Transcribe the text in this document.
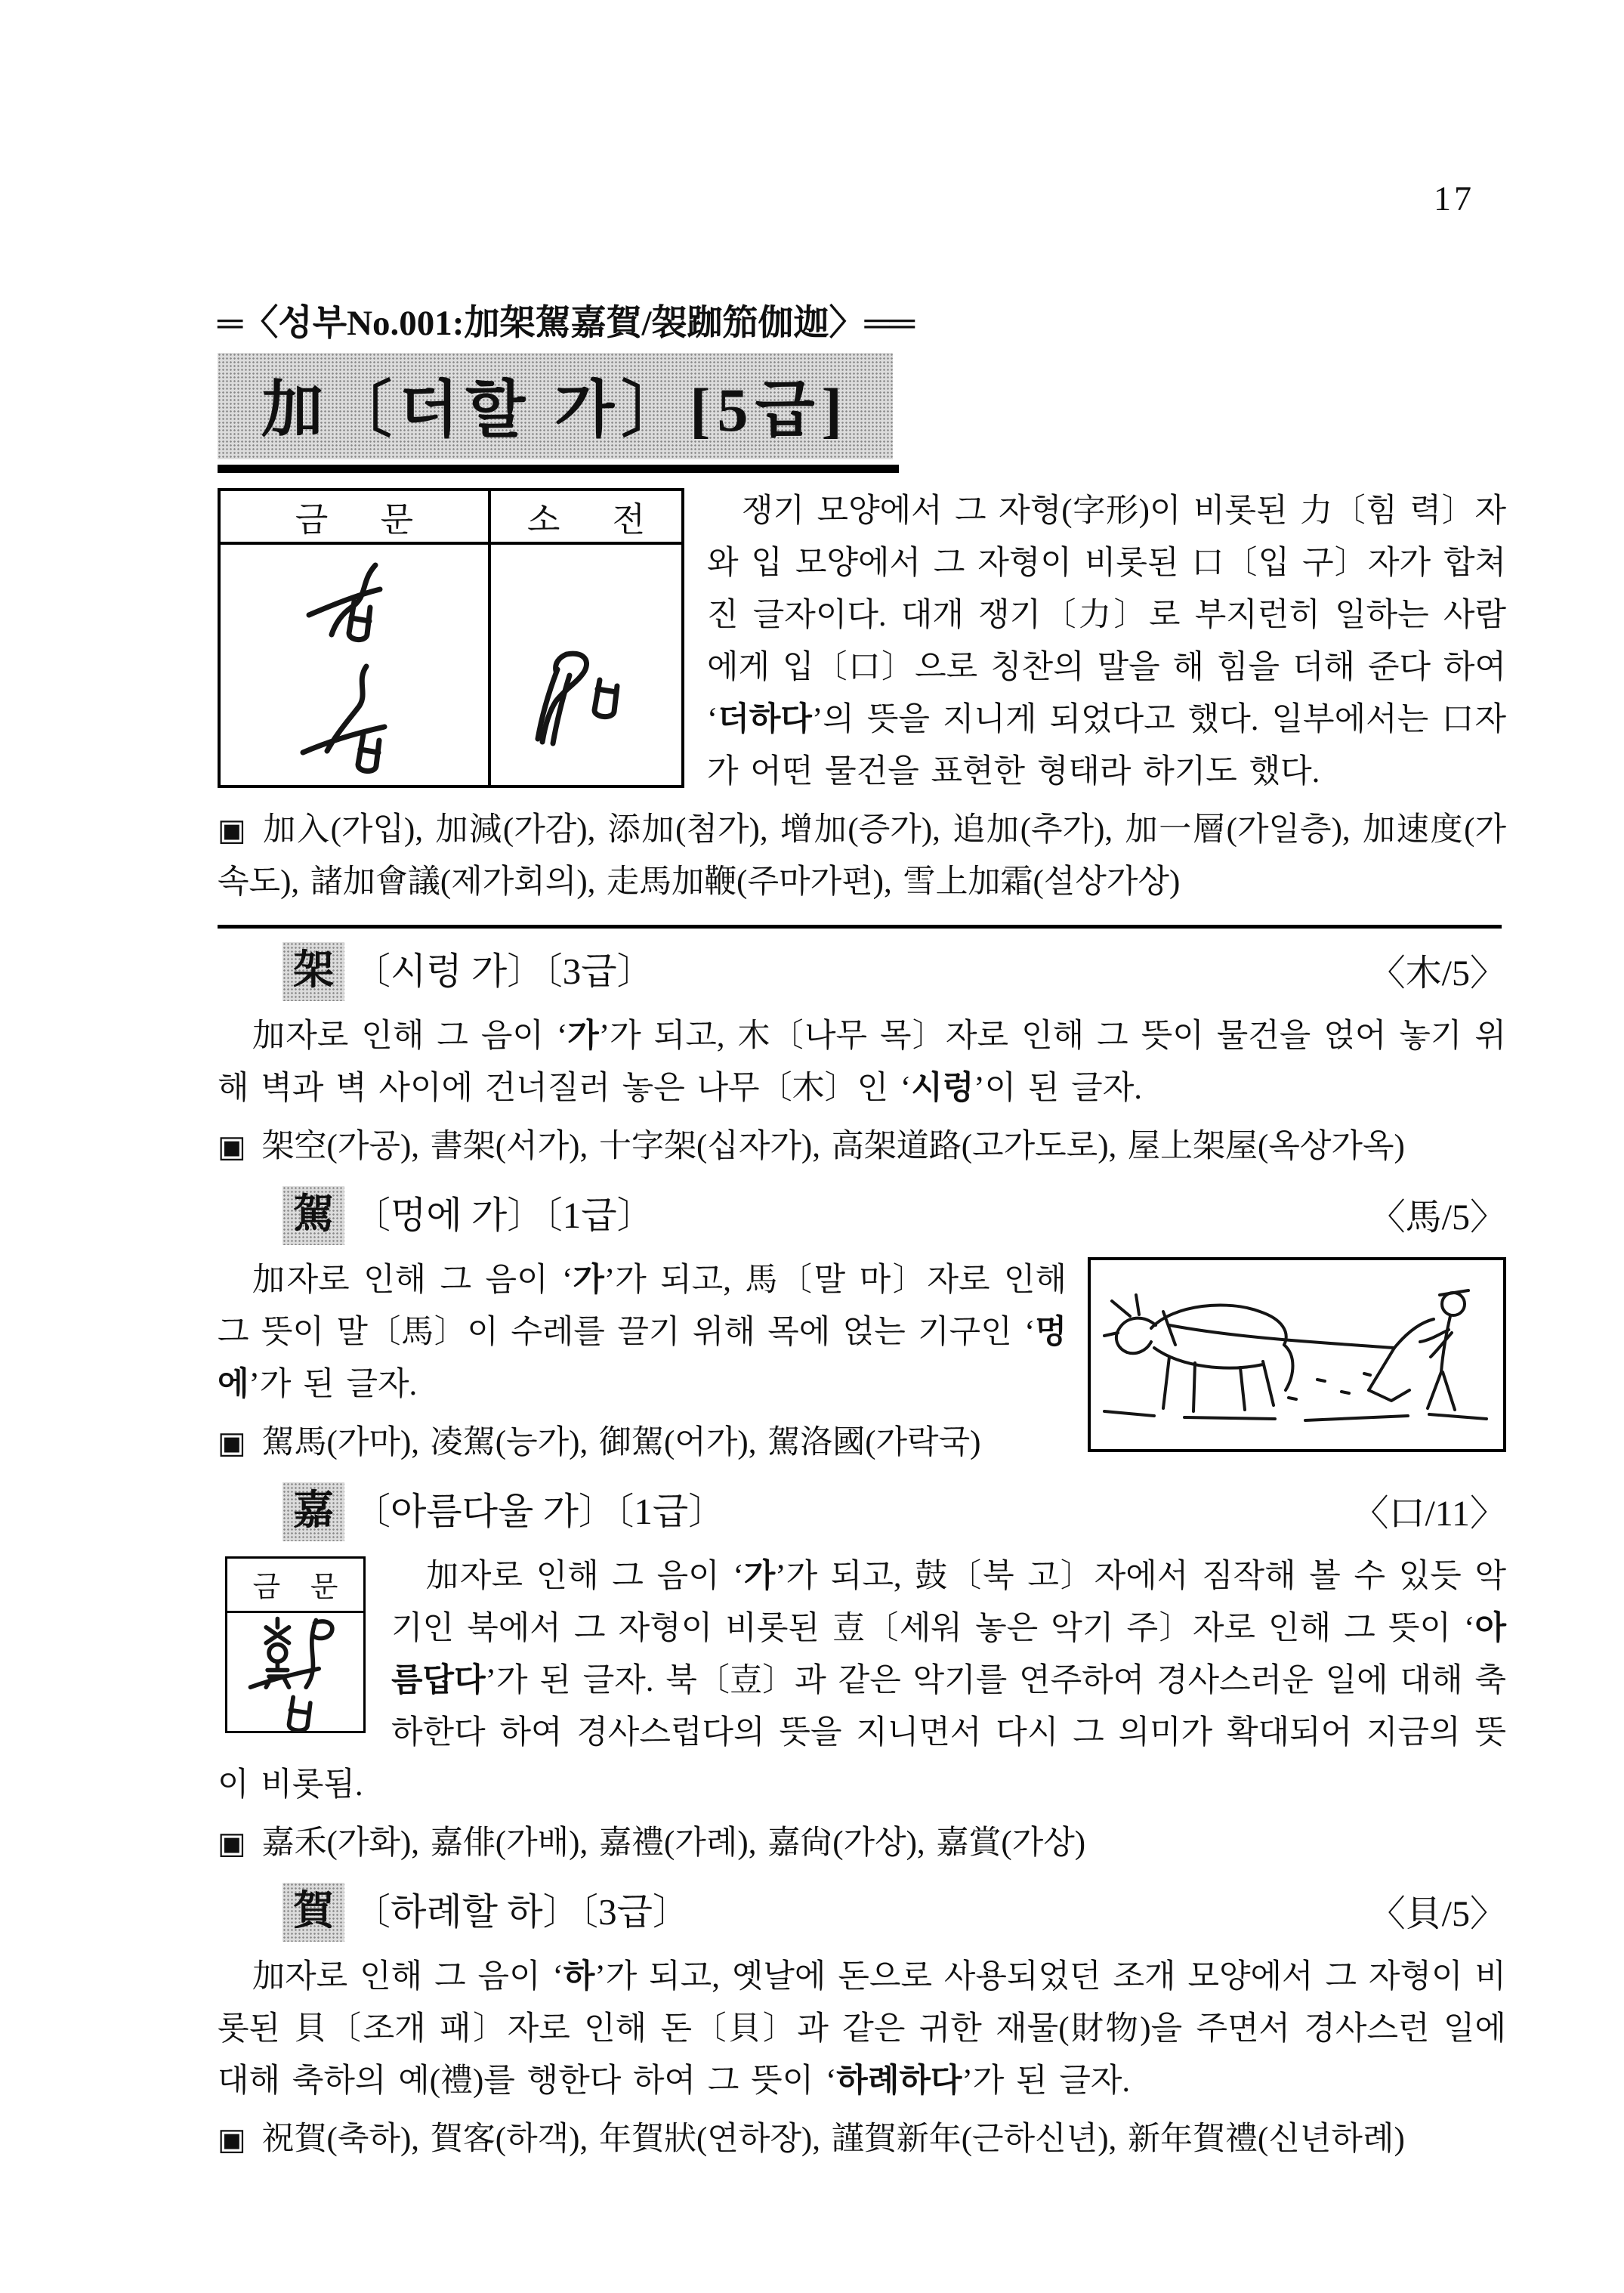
17
═〈성부No.001:加架駕嘉賀/袈跏笳伽迦〉══
加〔더할 가〕[5급]
금 문	소 전

		쟁기 모양에서 그 자형(字形)이 비롯된 力〔힘 력〕자와 입 모양에서 그 자형이 비롯된 口〔입 구〕자가 합쳐진 글자이다. 대개 쟁기〔力〕로 부지런히 일하는 사람에게 입〔口〕으로 칭찬의 말을 해 힘을 더해 준다 하여 ‘더하다’의 뜻을 지니게 되었다고 했다. 일부에서는 口자가 어떤 물건을 표현한 형태라 하기도 했다.

▣ 加入(가입), 加減(가감), 添加(첨가), 增加(증가), 追加(추가), 加一層(가일층), 加速度(가속도), 諸加會議(제가회의), 走馬加鞭(주마가편), 雪上加霜(설상가상)

架 〔시렁 가〕〔3급〕	〈木/5〉

加자로 인해 그 음이 ‘가’가 되고, 木〔나무 목〕자로 인해 그 뜻이 물건을 얹어 놓기 위해 벽과 벽 사이에 건너질러 놓은 나무〔木〕인 ‘시렁’이 된 글자.

▣ 架空(가공), 書架(서가), 十字架(십자가), 高架道路(고가도로), 屋上架屋(옥상가옥)

駕 〔멍에 가〕〔1급〕	〈馬/5〉

加자로 인해 그 음이 ‘가’가 되고, 馬〔말 마〕자로 인해 그 뜻이 말〔馬〕이 수레를 끌기 위해 목에 얹는 기구인 ‘멍에’가 된 글자.

▣ 駕馬(가마), 凌駕(능가), 御駕(어가), 駕洛國(가락국)

嘉 〔아름다울 가〕〔1급〕	〈口/11〉
금 문	加자로 인해 그 음이 ‘가’가 되고, 鼓〔북 고〕자에서 짐작해 볼 수 있듯 악기인 북에서 그 자형이 비롯된 壴〔세워 놓은 악기 주〕자로 인해 그 뜻이 ‘아름답다’가 된 글자. 북〔壴〕과 같은 악기를 연주하여 경사스러운 일에 대해 축하한다 하여 경사스럽다의 뜻을 지니면서 다시 그 의미가 확대되어 지금의 뜻이 비롯됨.

▣ 嘉禾(가화), 嘉俳(가배), 嘉禮(가례), 嘉尙(가상), 嘉賞(가상)

賀 〔하례할 하〕〔3급〕	〈貝/5〉

加자로 인해 그 음이 ‘하’가 되고, 옛날에 돈으로 사용되었던 조개 모양에서 그 자형이 비롯된 貝〔조개 패〕자로 인해 돈〔貝〕과 같은 귀한 재물(財物)을 주면서 경사스런 일에 대해 축하의 예(禮)를 행한다 하여 그 뜻이 ‘하례하다’가 된 글자.

▣ 祝賀(축하), 賀客(하객), 年賀狀(연하장), 謹賀新年(근하신년), 新年賀禮(신년하례)
